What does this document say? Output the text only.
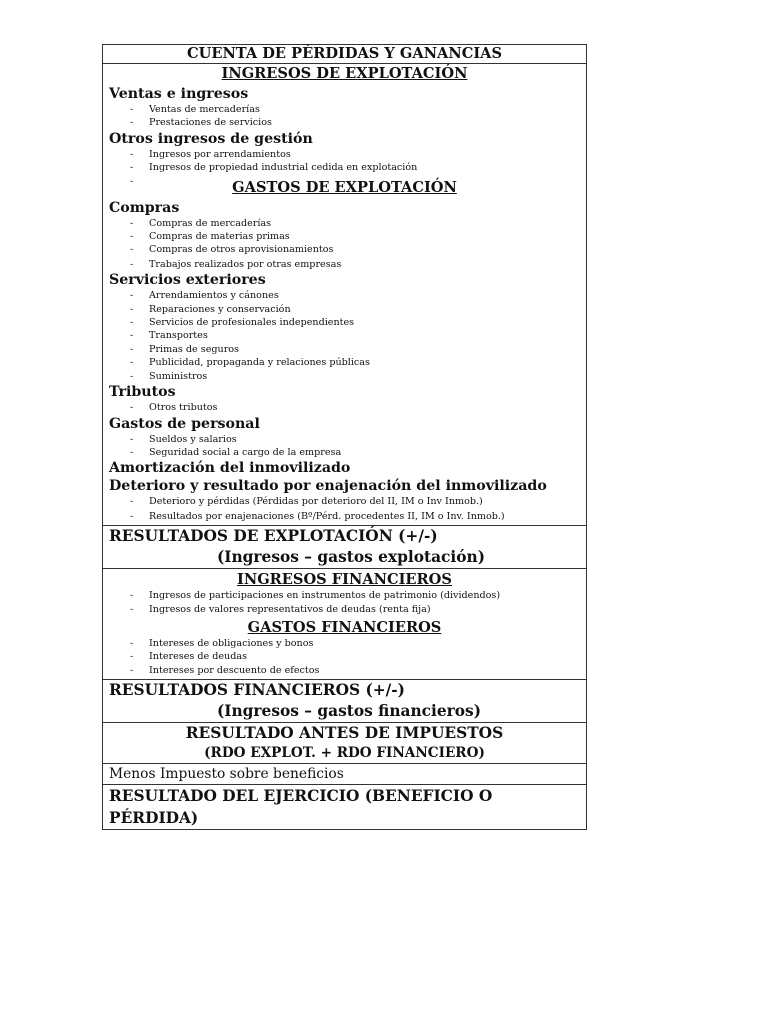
CUENTA DE PÉRDIDAS Y GANANCIAS
INGRESOS DE EXPLOTACIÓN
Ventas e ingresos
- Ventas de mercaderías
- Prestaciones de servicios
Otros ingresos de gestión
- Ingresos por arrendamientos
- Ingresos de propiedad industrial cedida en explotación
GASTOS DE EXPLOTACIÓN
Compras
- Compras de mercaderías
- Compras de materias primas
- Compras de otros aprovisionamientos
- Trabajos realizados por otras empresas
Servicios exteriores
- Arrendamientos y cánones
- Reparaciones y conservación
- Servicios de profesionales independientes
- Transportes
- Primas de seguros
- Publicidad, propaganda y relaciones públicas
- Suministros
Tributos
- Otros tributos
Gastos de personal
- Sueldos y salarios
- Seguridad social a cargo de la empresa
Amortización del inmovilizado
Deterioro y resultado por enajenación del inmovilizado
- Deterioro y pérdidas (Pérdidas por deterioro del II, IM o Inv Inmob.)
- Resultados por enajenaciones (Bº/Pérd. procedentes II, IM o Inv. Inmob.)
RESULTADOS DE EXPLOTACIÓN (+/-)
(Ingresos – gastos explotación)
INGRESOS FINANCIEROS
- Ingresos de participaciones en instrumentos de patrimonio (dividendos)
- Ingresos de valores representativos de deudas (renta fija)
GASTOS FINANCIEROS
- Intereses de obligaciones y bonos
- Intereses de deudas
- Intereses por descuento de efectos
RESULTADOS FINANCIEROS (+/-)
(Ingresos – gastos financieros)
RESULTADO ANTES DE IMPUESTOS
(RDO EXPLOT. + RDO FINANCIERO)
Menos Impuesto sobre beneficios
RESULTADO DEL EJERCICIO (BENEFICIO O PÉRDIDA)
